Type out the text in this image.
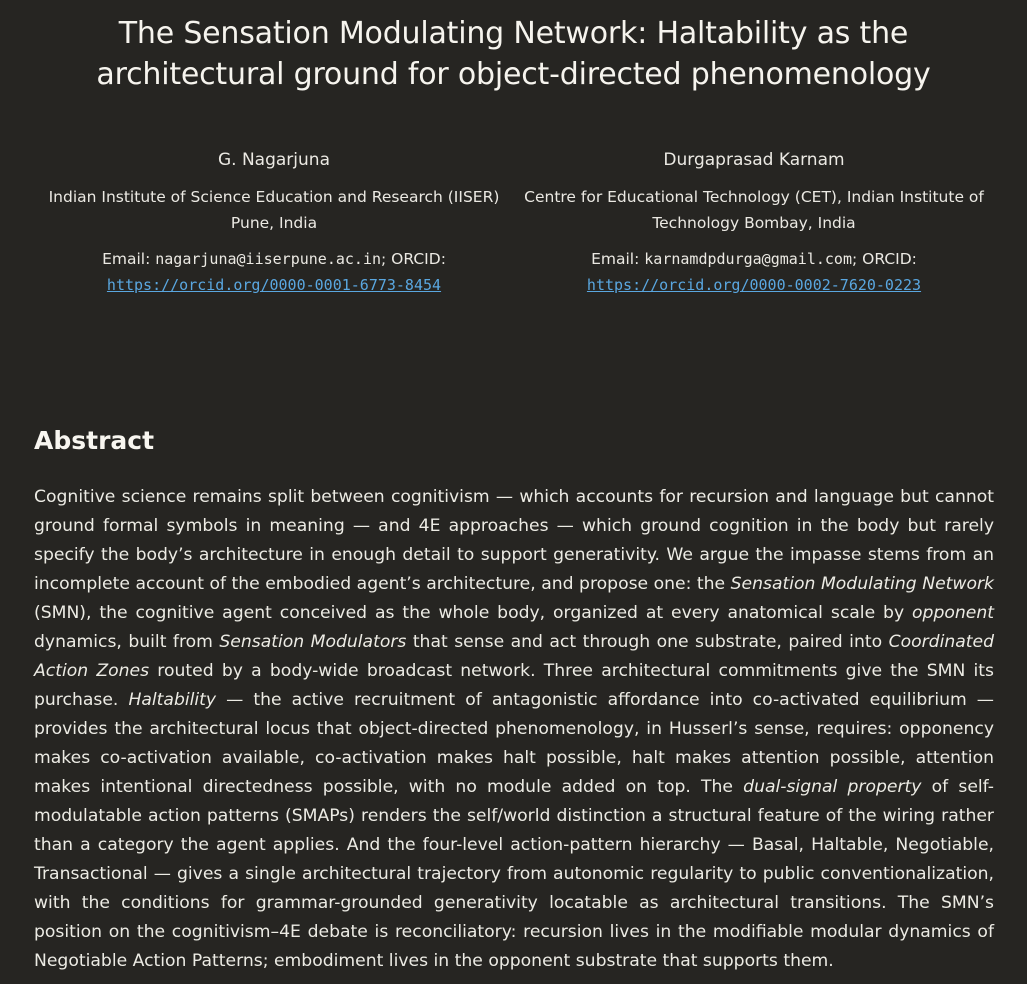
The Sensation Modulating Network: Haltability as the architectural ground for object-directed phenomenology
G. Nagarjuna
Indian Institute of Science Education and Research (IISER) Pune, India
Email: nagarjuna@iiserpune.ac.in; ORCID:
https://orcid.org/0000-0001-6773-8454
Durgaprasad Karnam
Centre for Educational Technology (CET), Indian Institute of Technology Bombay, India
Email: karnamdpdurga@gmail.com; ORCID: https://orcid.org/0000-0002-7620-0223
Abstract

Cognitive science remains split between cognitivism — which accounts for recursion and language but cannot ground formal symbols in meaning — and 4E approaches — which ground cognition in the body but rarely specify the body’s architecture in enough detail to support generativity. We argue the impasse stems from an incomplete account of the embodied agent’s architecture, and propose one: the Sensation Modulating Network (SMN), the cognitive agent conceived as the whole body, organized at every anatomical scale by opponent dynamics, built from Sensation Modulators that sense and act through one substrate, paired into Coordinated Action Zones routed by a body-wide broadcast network. Three architectural commitments give the SMN its purchase. Haltability — the active recruitment of antagonistic affordance into co-activated equilibrium — provides the architectural locus that object-directed phenomenology, in Husserl’s sense, requires: opponency makes co-activation available, co-activation makes halt possible, halt makes attention possible, attention makes intentional directedness possible, with no module added on top. The dual-signal property of self-modulatable action patterns (SMAPs) renders the self/world distinction a structural feature of the wiring rather than a category the agent applies. And the four-level action-pattern hierarchy — Basal, Haltable, Negotiable, Transactional — gives a single architectural trajectory from autonomic regularity to public conventionalization, with the conditions for grammar-grounded generativity locatable as architectural transitions. The SMN’s position on the cognitivism–4E debate is reconciliatory: recursion lives in the modifiable modular dynamics of Negotiable Action Patterns; embodiment lives in the opponent substrate that supports them.
